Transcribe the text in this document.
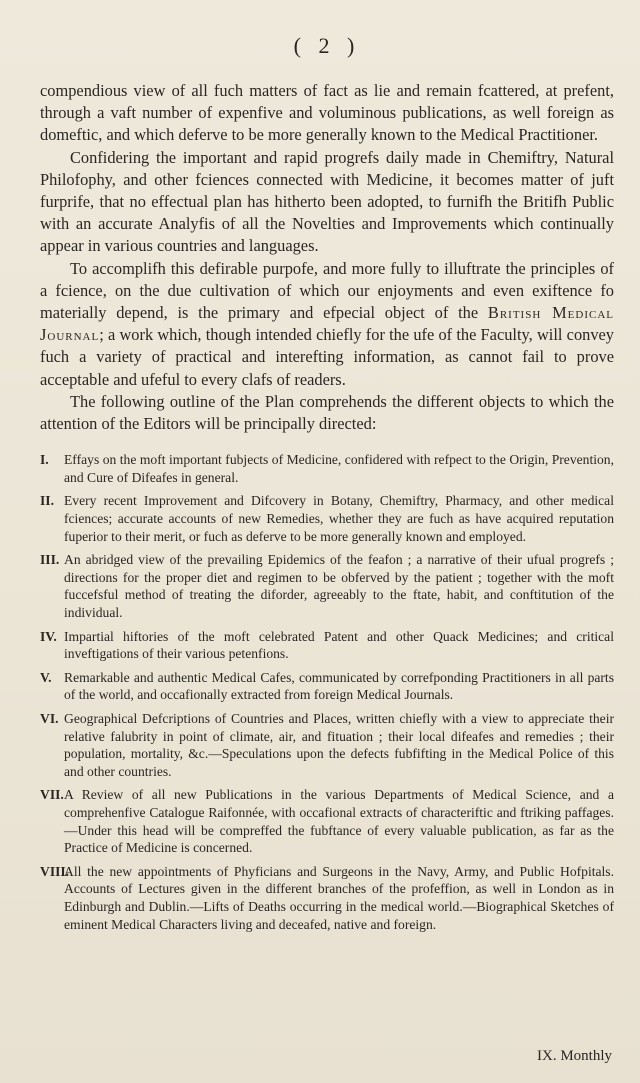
( 2 )

compendious view of all fuch matters of fact as lie and remain fcattered, at prefent, through a vaft number of expenfive and voluminous publications, as well foreign as domeftic, and which deferve to be more generally known to the Medical Practitioner.

Confidering the important and rapid progrefs daily made in Chemiftry, Natural Philofophy, and other fciences connected with Medicine, it becomes matter of juft furprife, that no effectual plan has hitherto been adopted, to furnifh the Britifh Public with an accurate Analyfis of all the Novelties and Improvements which continually appear in various countries and languages.

To accomplifh this defirable purpofe, and more fully to illuftrate the principles of a fcience, on the due cultivation of which our enjoyments and even exiftence fo materially depend, is the primary and efpecial object of the British Medical Journal; a work which, though intended chiefly for the ufe of the Faculty, will convey fuch a variety of practical and interefting information, as cannot fail to prove acceptable and ufeful to every clafs of readers.

The following outline of the Plan comprehends the different objects to which the attention of the Editors will be principally directed:

I.	Effays on the moft important fubjects of Medicine, confidered with refpect to the Origin, Prevention, and Cure of Difeafes in general.
II. Every recent Improvement and Difcovery in Botany, Chemiftry, Pharmacy, and other medical fciences; accurate accounts of new Remedies, whether they are fuch as have acquired reputation fuperior to their merit, or fuch as deferve to be more generally known and employed.
III. An abridged view of the prevailing Epidemics of the feafon ; a narrative of their ufual progrefs ; directions for the proper diet and regimen to be obferved by the patient ; together with the moft fuccefsful method of treating the diforder, agreeably to the ftate, habit, and conftitution of the individual.
IV. Impartial hiftories of the moft celebrated Patent and other Quack Medicines; and critical inveftigations of their various petenfions.
V. Remarkable and authentic Medical Cafes, communicated by correfponding Practitioners in all parts of the world, and occafionally extracted from foreign Medical Journals.
VI. Geographical Defcriptions of Countries and Places, written chiefly with a view to appreciate their relative falubrity in point of climate, air, and fituation ; their local difeafes and remedies ; their population, mortality, &c.—Speculations upon the defects fubfifting in the Medical Police of this and other countries.
VII. A Review of all new Publications in the various Departments of Medical Science, and a comprehenfive Catalogue Raifonnée, with occafional extracts of characteriftic and ftriking paffages.—Under this head will be compreffed the fubftance of every valuable publication, as far as the Practice of Medicine is concerned.
VIII.
All the new appointments of Phyficians and Surgeons in the Navy, Army, and Public Hofpitals. Accounts of Lectures given in the different branches of the profeffion, as well in London as in Edinburgh and Dublin.—Lifts of Deaths occurring in the medical world.—Biographical Sketches of eminent Medical Characters living and deceafed, native and foreign.
IX. Monthly
